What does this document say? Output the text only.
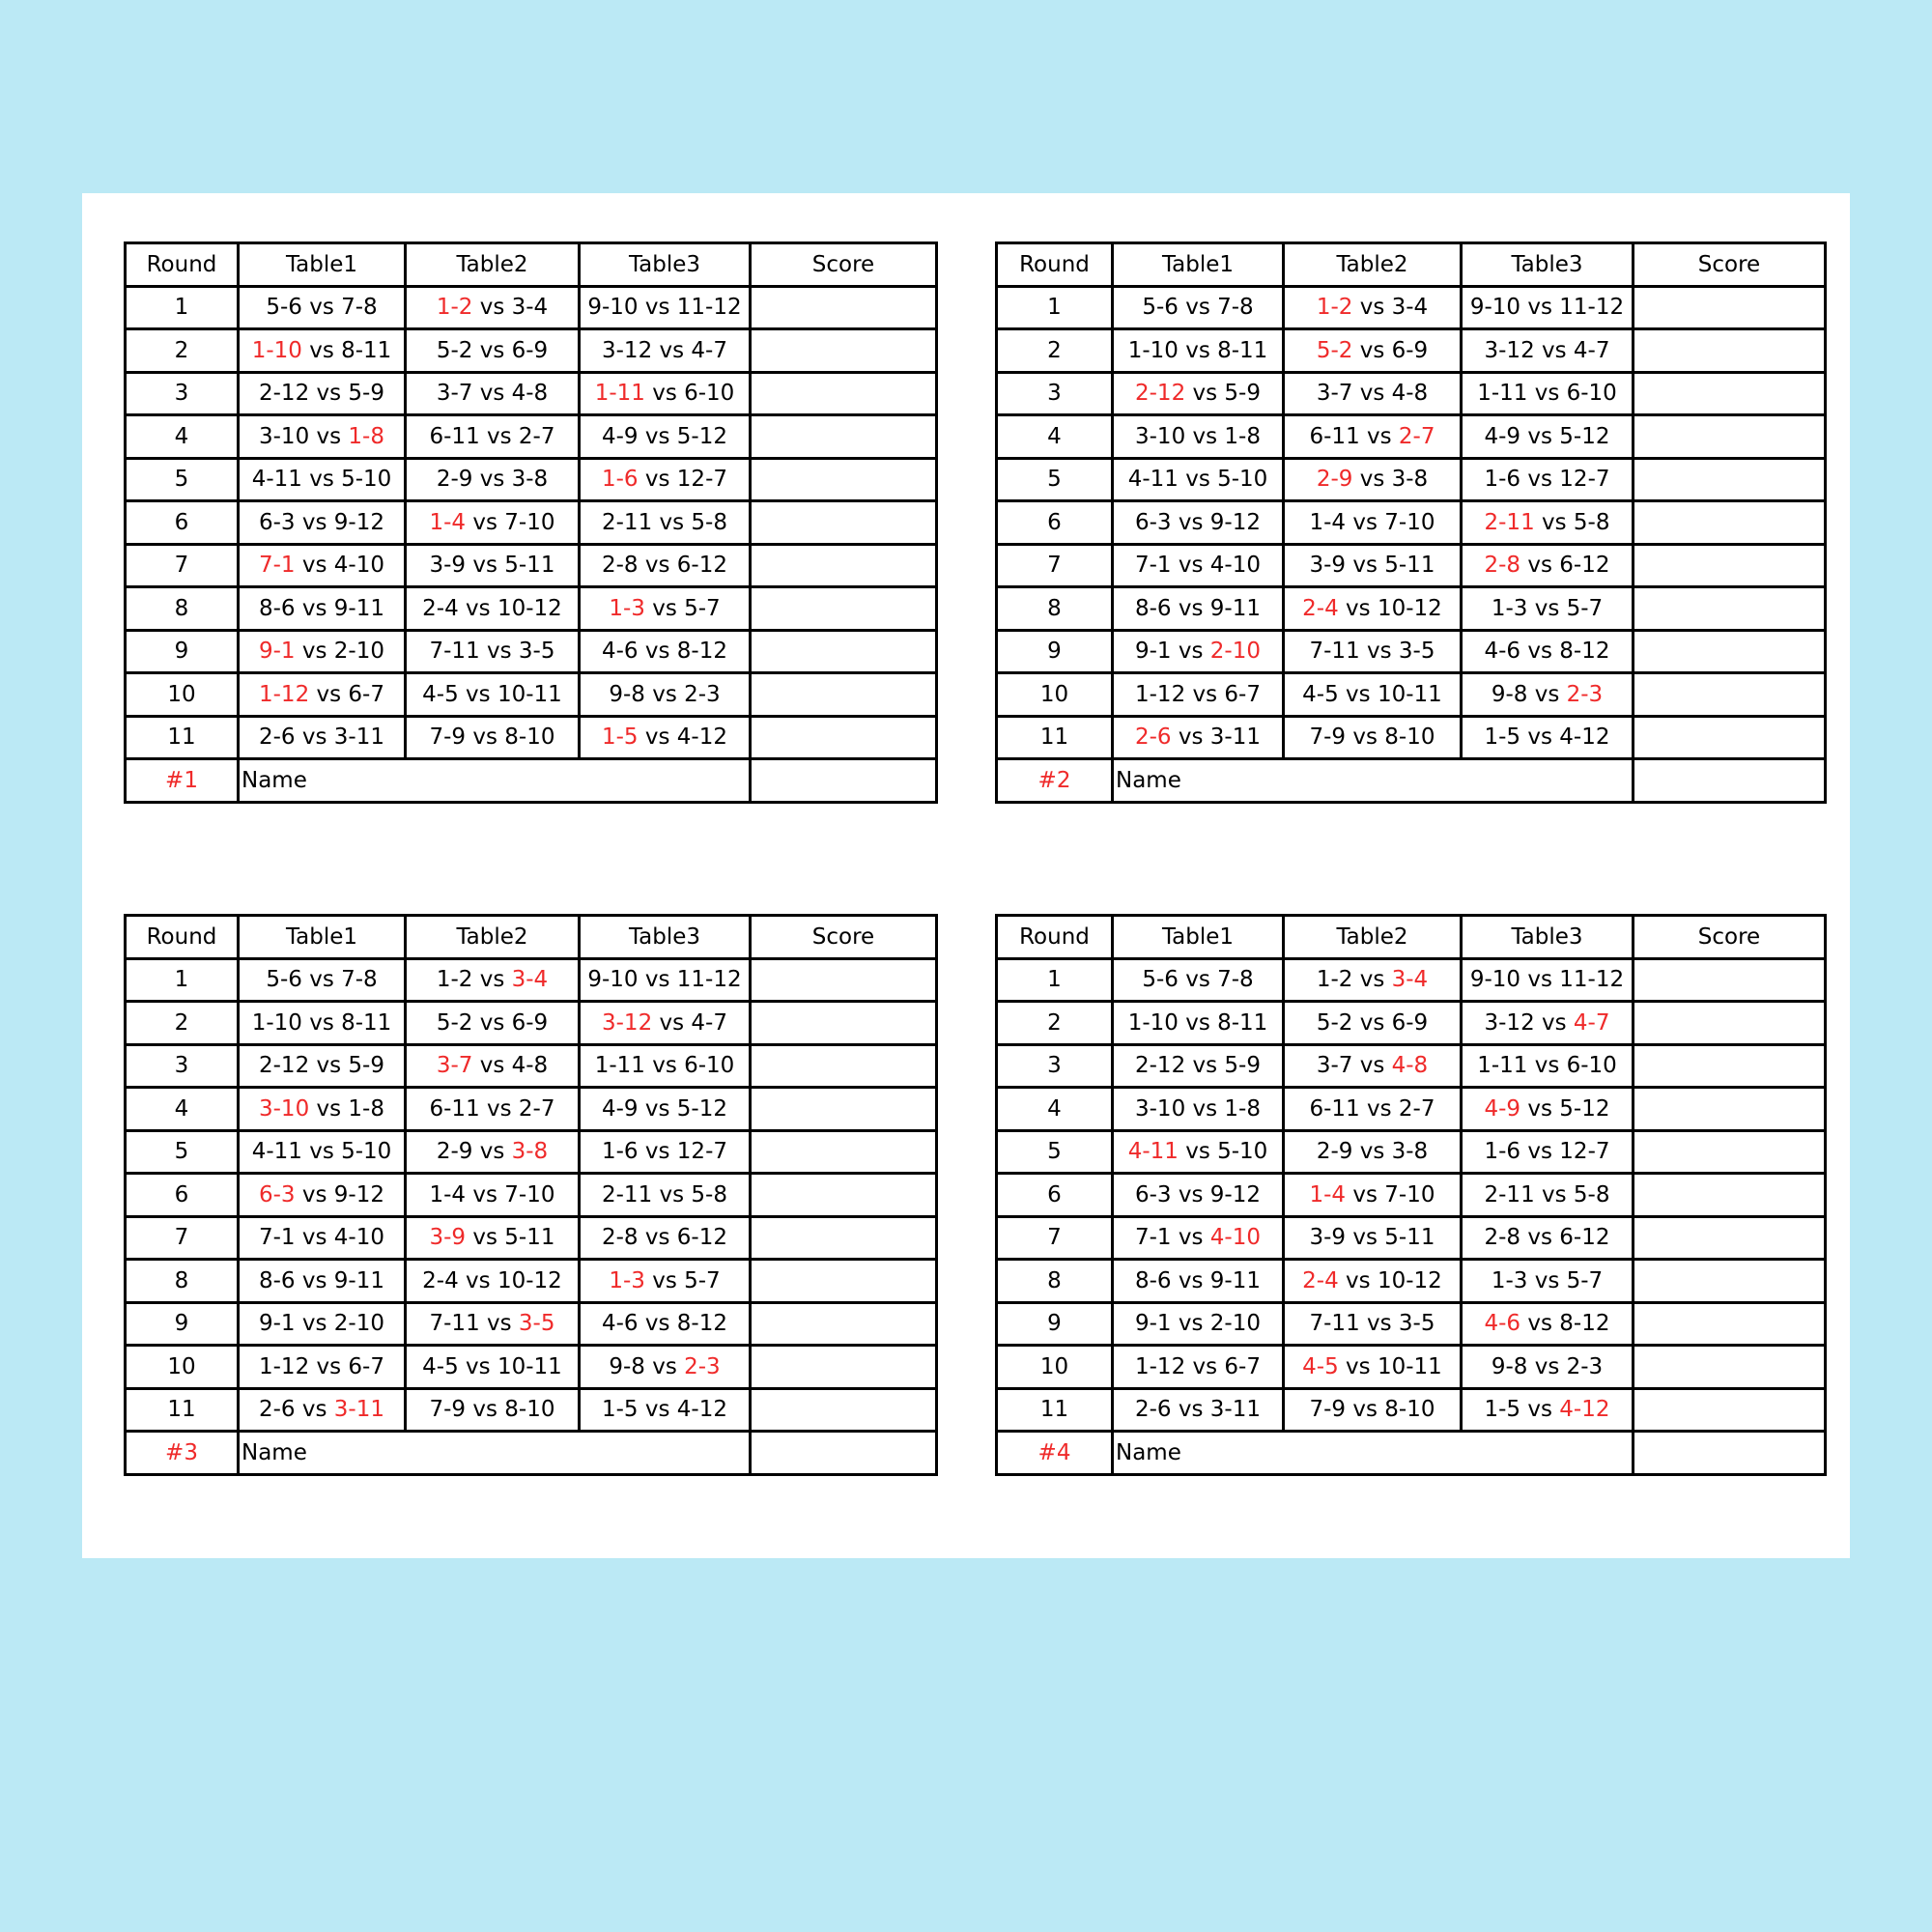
Round	Table1	Table2	Table3	Score
1	5-6 vs 7-8	1-2 vs 3-4	9-10 vs 11-12	
2	1-10 vs 8-11	5-2 vs 6-9	3-12 vs 4-7	
3	2-12 vs 5-9	3-7 vs 4-8	1-11 vs 6-10	
4	3-10 vs 1-8	6-11 vs 2-7	4-9 vs 5-12	
5	4-11 vs 5-10	2-9 vs 3-8	1-6 vs 12-7	
6	6-3 vs 9-12	1-4 vs 7-10	2-11 vs 5-8	
7	7-1 vs 4-10	3-9 vs 5-11	2-8 vs 6-12	
8	8-6 vs 9-11	2-4 vs 10-12	1-3 vs 5-7	
9	9-1 vs 2-10	7-11 vs 3-5	4-6 vs 8-12	
10	1-12 vs 6-7	4-5 vs 10-11	9-8 vs 2-3	
11	2-6 vs 3-11	7-9 vs 8-10	1-5 vs 4-12	
#1	Name			
Round	Table1	Table2	Table3	Score
1	5-6 vs 7-8	1-2 vs 3-4	9-10 vs 11-12	
2	1-10 vs 8-11	5-2 vs 6-9	3-12 vs 4-7	
3	2-12 vs 5-9	3-7 vs 4-8	1-11 vs 6-10	
4	3-10 vs 1-8	6-11 vs 2-7	4-9 vs 5-12	
5	4-11 vs 5-10	2-9 vs 3-8	1-6 vs 12-7	
6	6-3 vs 9-12	1-4 vs 7-10	2-11 vs 5-8	
7	7-1 vs 4-10	3-9 vs 5-11	2-8 vs 6-12	
8	8-6 vs 9-11	2-4 vs 10-12	1-3 vs 5-7	
9	9-1 vs 2-10	7-11 vs 3-5	4-6 vs 8-12	
10	1-12 vs 6-7	4-5 vs 10-11	9-8 vs 2-3	
11	2-6 vs 3-11	7-9 vs 8-10	1-5 vs 4-12	
#2	Name			
Round	Table1	Table2	Table3	Score
1	5-6 vs 7-8	1-2 vs 3-4	9-10 vs 11-12	
2	1-10 vs 8-11	5-2 vs 6-9	3-12 vs 4-7	
3	2-12 vs 5-9	3-7 vs 4-8	1-11 vs 6-10	
4	3-10 vs 1-8	6-11 vs 2-7	4-9 vs 5-12	
5	4-11 vs 5-10	2-9 vs 3-8	1-6 vs 12-7	
6	6-3 vs 9-12	1-4 vs 7-10	2-11 vs 5-8	
7	7-1 vs 4-10	3-9 vs 5-11	2-8 vs 6-12	
8	8-6 vs 9-11	2-4 vs 10-12	1-3 vs 5-7	
9	9-1 vs 2-10	7-11 vs 3-5	4-6 vs 8-12	
10	1-12 vs 6-7	4-5 vs 10-11	9-8 vs 2-3	
11	2-6 vs 3-11	7-9 vs 8-10	1-5 vs 4-12	
#3	Name			
Round	Table1	Table2	Table3	Score
1	5-6 vs 7-8	1-2 vs 3-4	9-10 vs 11-12	
2	1-10 vs 8-11	5-2 vs 6-9	3-12 vs 4-7	
3	2-12 vs 5-9	3-7 vs 4-8	1-11 vs 6-10	
4	3-10 vs 1-8	6-11 vs 2-7	4-9 vs 5-12	
5	4-11 vs 5-10	2-9 vs 3-8	1-6 vs 12-7	
6	6-3 vs 9-12	1-4 vs 7-10	2-11 vs 5-8	
7	7-1 vs 4-10	3-9 vs 5-11	2-8 vs 6-12	
8	8-6 vs 9-11	2-4 vs 10-12	1-3 vs 5-7	
9	9-1 vs 2-10	7-11 vs 3-5	4-6 vs 8-12	
10	1-12 vs 6-7	4-5 vs 10-11	9-8 vs 2-3	
11	2-6 vs 3-11	7-9 vs 8-10	1-5 vs 4-12	
#4	Name			
